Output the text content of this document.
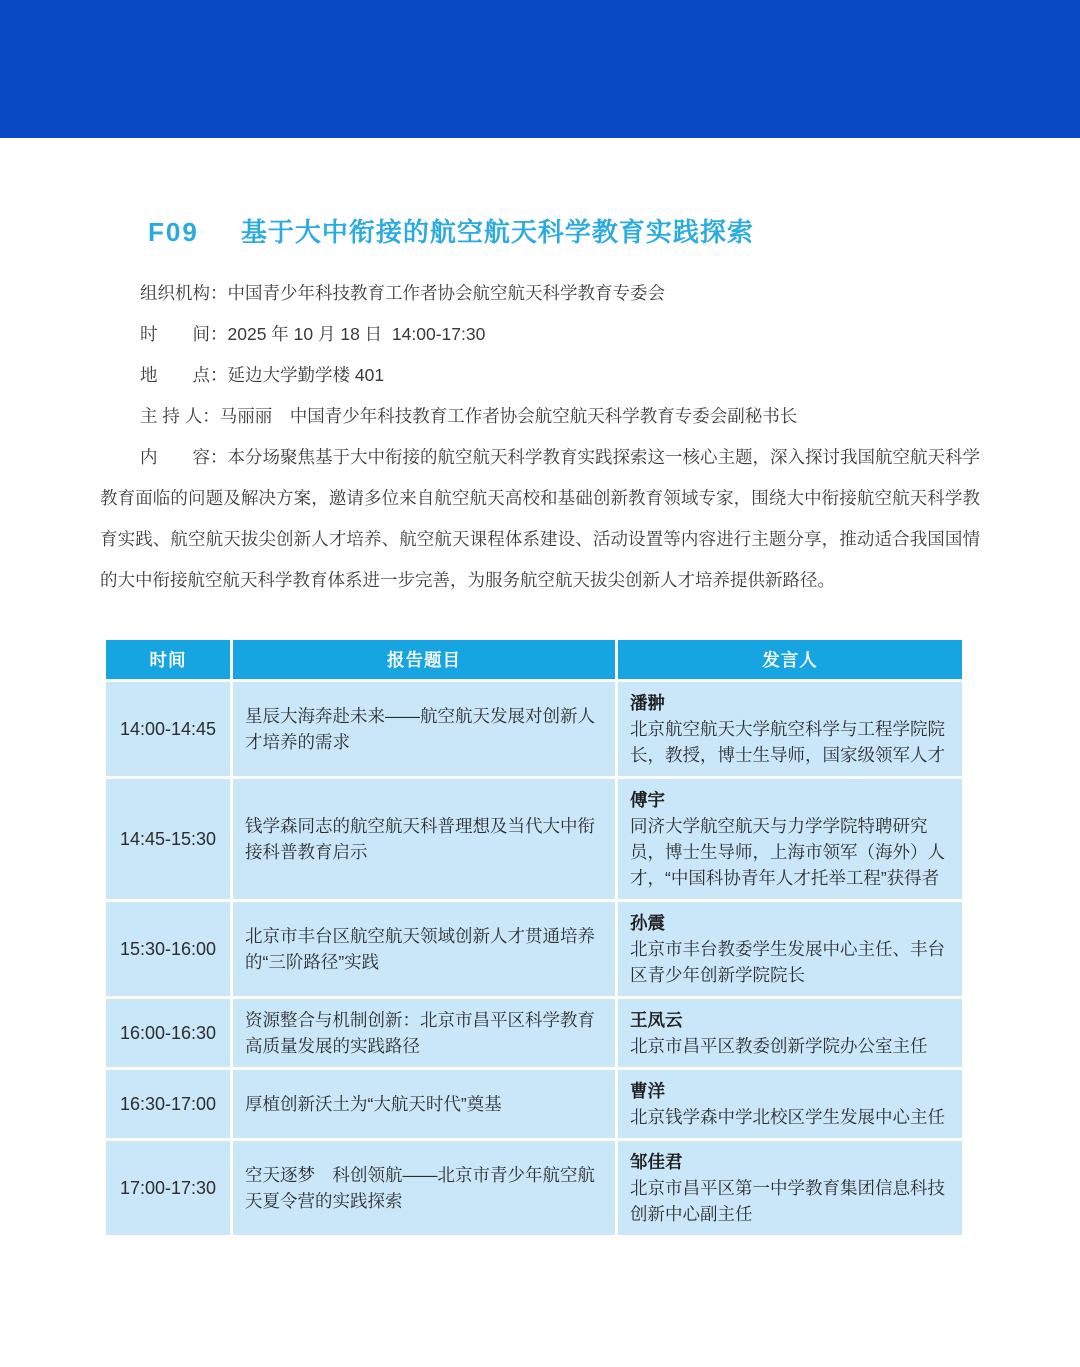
F09 基于大中衔接的航空航天科学教育实践探索
组织机构： 中国青少年科技教育工作者协会航空航天科学教育专委会
时　　间： 2025 年 10 月 18 日  14:00-17:30
地　　点： 延边大学勤学楼 401
主 持 人： 马丽丽　中国青少年科技教育工作者协会航空航天科学教育专委会副秘书长

内　　容：本分场聚焦基于大中衔接的航空航天科学教育实践探索这一核心主题，深入探讨我国航空航天科学教育面临的问题及解决方案，邀请多位来自航空航天高校和基础创新教育领域专家，围绕大中衔接航空航天科学教育实践、航空航天拔尖创新人才培养、航空航天课程体系建设、活动设置等内容进行主题分享，推动适合我国国情的大中衔接航空航天科学教育体系进一步完善，为服务航空航天拔尖创新人才培养提供新路径。

时间	报告题目	发言人
14:00-14:45	星辰大海奔赴未来——航空航天发展对创新人才培养的需求	潘翀
北京航空航天大学航空科学与工程学院院长，教授，博士生导师，国家级领军人才

14:45-15:30	钱学森同志的航空航天科普理想及当代大中衔接科普教育启示	傅宇
同济大学航空航天与力学学院特聘研究员，博士生导师，上海市领军（海外）人才，“中国科协青年人才托举工程”获得者

15:30-16:00	北京市丰台区航空航天领域创新人才贯通培养的“三阶路径”实践	孙震
北京市丰台教委学生发展中心主任、丰台区青少年创新学院院长

16:00-16:30	资源整合与机制创新：北京市昌平区科学教育高质量发展的实践路径	王凤云
北京市昌平区教委创新学院办公室主任

16:30-17:00	厚植创新沃土为“大航天时代”奠基	曹洋
北京钱学森中学北校区学生发展中心主任

17:00-17:30	空天逐梦　科创领航——北京市青少年航空航天夏令营的实践探索	邹佳君
北京市昌平区第一中学教育集团信息科技创新中心副主任
